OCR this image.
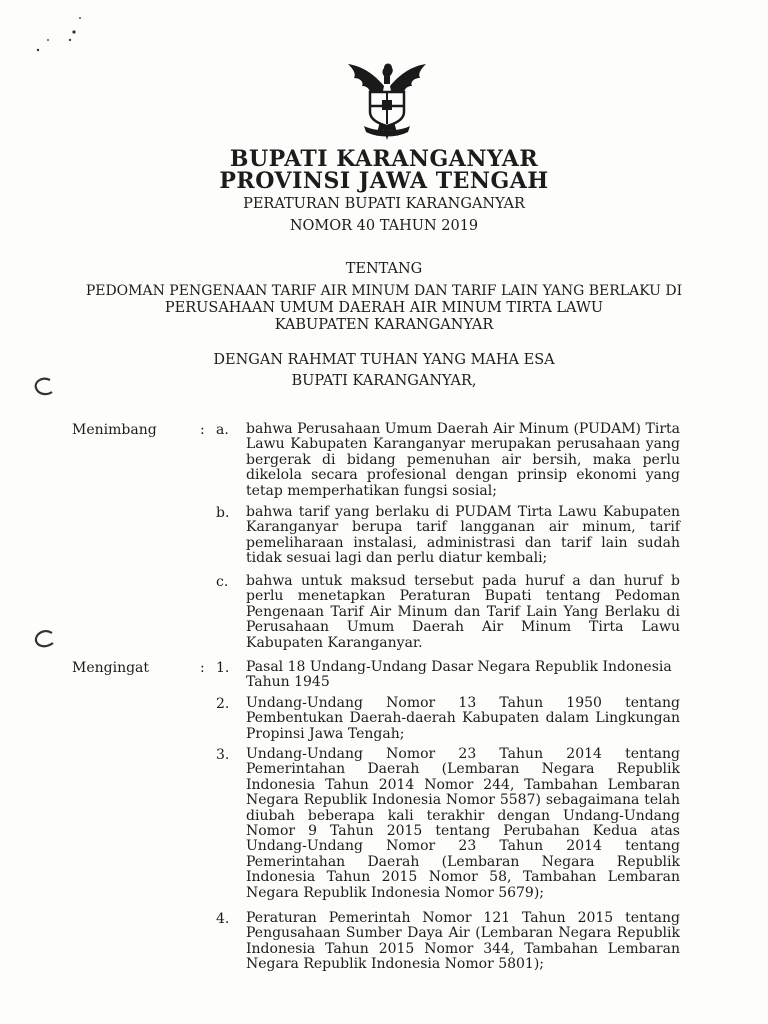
BUPATI KARANGANYAR
PROVINSI JAWA TENGAH
PERATURAN BUPATI KARANGANYAR
NOMOR 40 TAHUN 2019
TENTANG
PEDOMAN PENGENAAN TARIF AIR MINUM DAN TARIF LAIN YANG BERLAKU DI
PERUSAHAAN UMUM DAERAH AIR MINUM TIRTA LAWU
KABUPATEN KARANGANYAR
DENGAN RAHMAT TUHAN YANG MAHA ESA
BUPATI KARANGANYAR,
Menimbang	: a. bahwa Perusahaan Umum Daerah Air Minum (PUDAM) Tirta Lawu Kabupaten Karanganyar merupakan perusahaan yang bergerak di bidang pemenuhan air bersih, maka perlu dikelola secara profesional dengan prinsip ekonomi yang tetap memperhatikan fungsi sosial;
b. bahwa tarif yang berlaku di PUDAM Tirta Lawu Kabupaten Karanganyar berupa tarif langganan air minum, tarif pemeliharaan instalasi, administrasi dan tarif lain sudah tidak sesuai lagi dan perlu diatur kembali;
c. bahwa untuk maksud tersebut pada huruf a dan huruf b perlu menetapkan Peraturan Bupati tentang Pedoman Pengenaan Tarif Air Minum dan Tarif Lain Yang Berlaku di Perusahaan Umum Daerah Air Minum Tirta Lawu Kabupaten Karanganyar.
Mengingat	: 1. Pasal 18 Undang-Undang Dasar Negara Republik Indonesia Tahun 1945
2. Undang-Undang Nomor 13 Tahun 1950 tentang Pembentukan Daerah-daerah Kabupaten dalam Lingkungan Propinsi Jawa Tengah;
3. Undang-Undang Nomor 23 Tahun 2014 tentang Pemerintahan Daerah (Lembaran Negara Republik Indonesia Tahun 2014 Nomor 244, Tambahan Lembaran Negara Republik Indonesia Nomor 5587) sebagaimana telah diubah beberapa kali terakhir dengan Undang-Undang Nomor 9 Tahun 2015 tentang Perubahan Kedua atas Undang-Undang Nomor 23 Tahun 2014 tentang Pemerintahan Daerah (Lembaran Negara Republik Indonesia Tahun 2015 Nomor 58, Tambahan Lembaran Negara Republik Indonesia Nomor 5679);
4. Peraturan Pemerintah Nomor 121 Tahun 2015 tentang Pengusahaan Sumber Daya Air (Lembaran Negara Republik Indonesia Tahun 2015 Nomor 344, Tambahan Lembaran Negara Republik Indonesia Nomor 5801);
